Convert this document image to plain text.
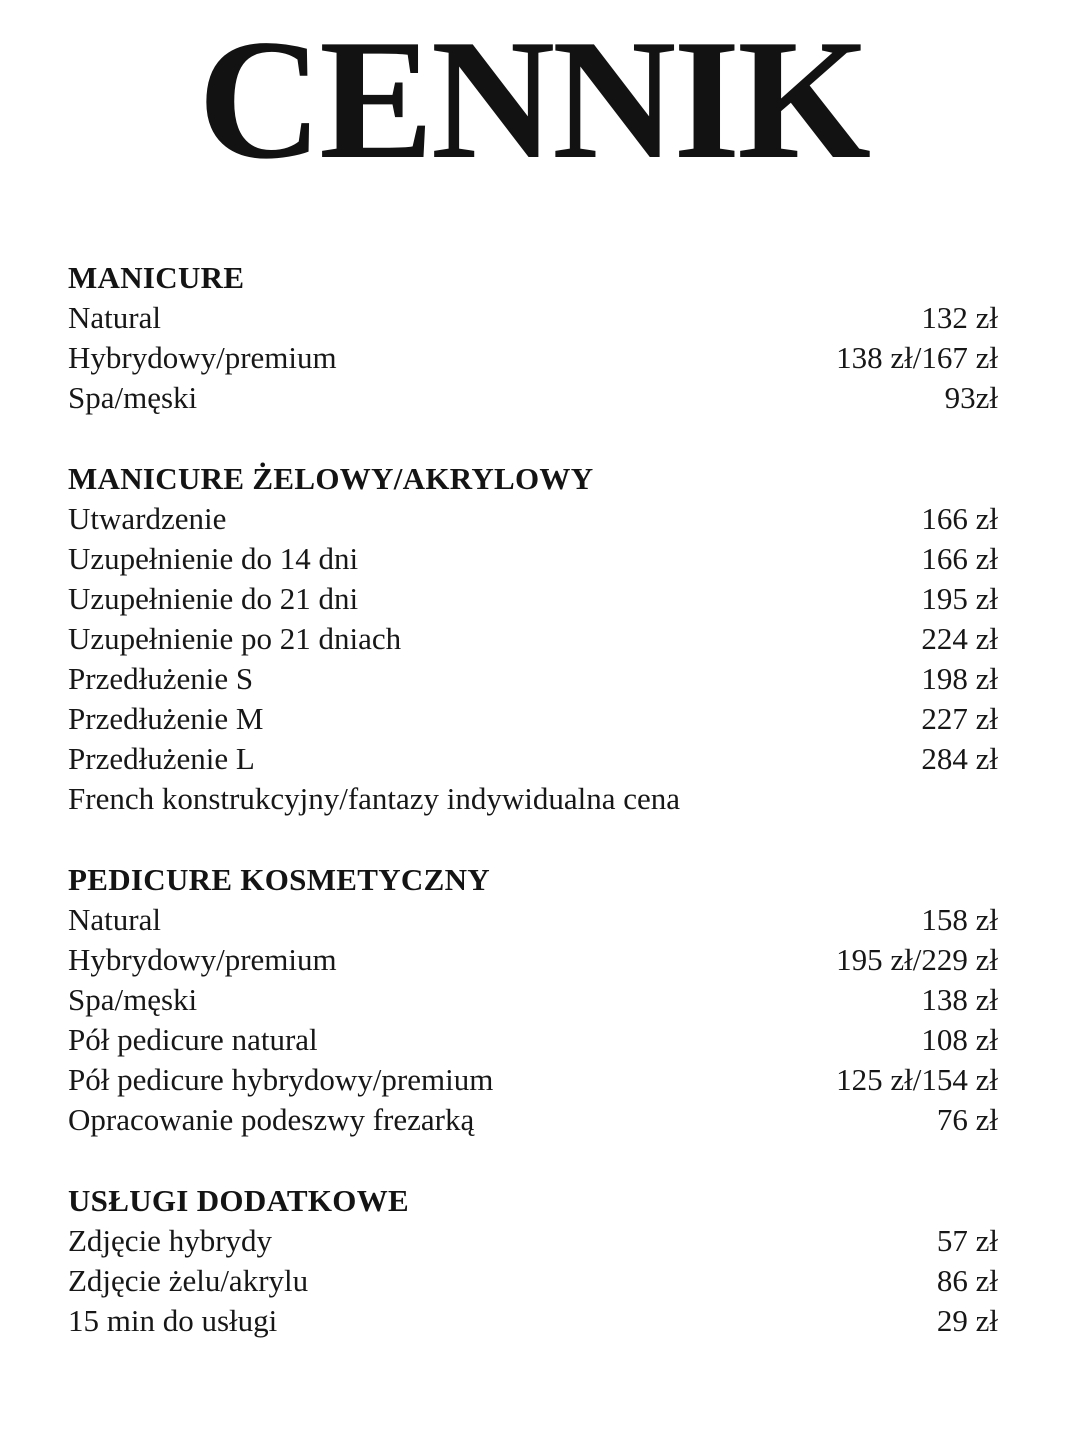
CENNIK
MANICURE
Natural	132 zł
Hybrydowy/premium	138 zł/167 zł
Spa/męski	93zł
MANICURE ŻELOWY/AKRYLOWY
Utwardzenie	166 zł
Uzupełnienie do 14 dni	166 zł
Uzupełnienie do 21 dni	195 zł
Uzupełnienie po 21 dniach	224 zł
Przedłużenie S	198 zł
Przedłużenie M	227 zł
Przedłużenie L	284 zł
French konstrukcyjny/fantazy indywidualna cena
PEDICURE KOSMETYCZNY
Natural	158 zł
Hybrydowy/premium	195 zł/229 zł
Spa/męski	138 zł
Pół pedicure natural	108 zł
Pół pedicure hybrydowy/premium	125 zł/154 zł
Opracowanie podeszwy frezarką	76 zł
USŁUGI DODATKOWE
Zdjęcie hybrydy	57 zł
Zdjęcie żelu/akrylu	86 zł
15 min do usługi	29 zł
